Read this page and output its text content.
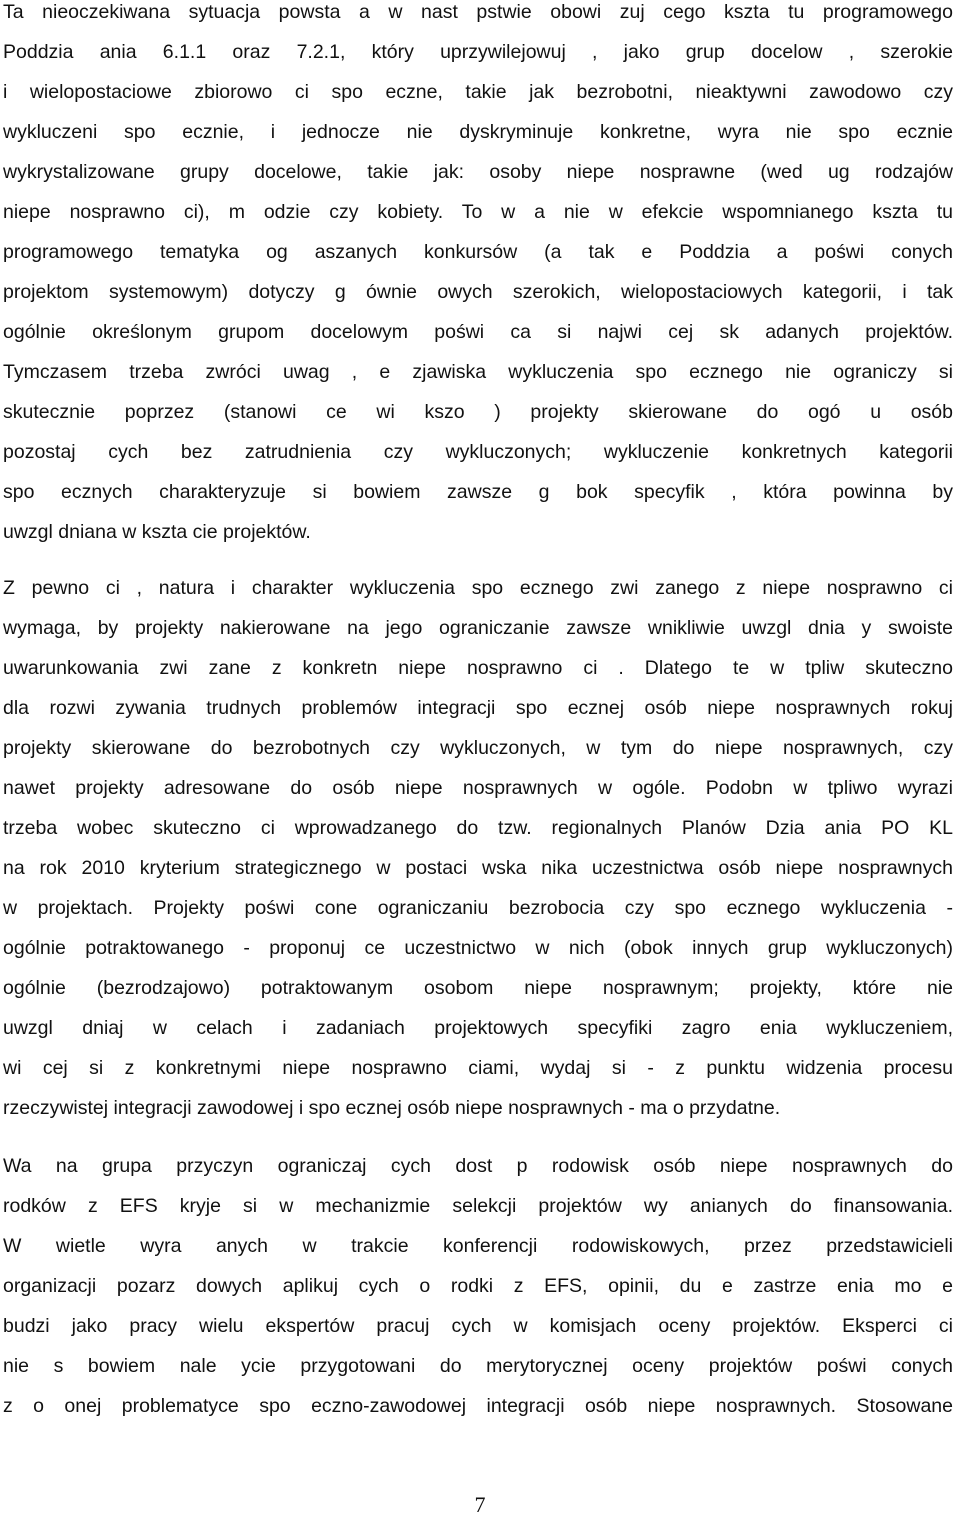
Ta nieoczekiwana sytuacja powsta a w nast pstwie obowi zuj cego kszta tu programowego
Poddzia ania 6.1.1 oraz 7.2.1, który uprzywilejowuj , jako grup docelow , szerokie
i wielopostaciowe zbiorowo ci spo eczne, takie jak bezrobotni, nieaktywni zawodowo czy
wykluczeni spo ecznie, i jednocze nie dyskryminuje konkretne, wyra nie spo ecznie
wykrystalizowane grupy docelowe, takie jak: osoby niepe nosprawne (wed ug rodzajów
niepe nosprawno ci), m odzie czy kobiety. To w a nie w efekcie wspomnianego kszta tu
programowego tematyka og aszanych konkursów (a tak e Poddzia a poświ conych
projektom systemowym) dotyczy g ównie owych szerokich, wielopostaciowych kategorii, i tak
ogólnie określonym grupom docelowym poświ ca si najwi cej sk adanych projektów.
Tymczasem trzeba zwróci uwag , e zjawiska wykluczenia spo ecznego nie ograniczy si
skutecznie poprzez (stanowi ce wi kszo ) projekty skierowane do ogó u osób
pozostaj cych bez zatrudnienia czy wykluczonych; wykluczenie konkretnych kategorii
spo ecznych charakteryzuje si bowiem zawsze g bok specyfik , która powinna by
uwzgl dniana w kszta cie projektów.
Z pewno ci , natura i charakter wykluczenia spo ecznego zwi zanego z niepe nosprawno ci
wymaga, by projekty nakierowane na jego ograniczanie zawsze wnikliwie uwzgl dnia y swoiste
uwarunkowania zwi zane z konkretn niepe nosprawno ci . Dlatego te w tpliw skuteczno
dla rozwi zywania trudnych problemów integracji spo ecznej osób niepe nosprawnych rokuj
projekty skierowane do bezrobotnych czy wykluczonych, w tym do niepe nosprawnych, czy
nawet projekty adresowane do osób niepe nosprawnych w ogóle. Podobn w tpliwo wyrazi
trzeba wobec skuteczno ci wprowadzanego do tzw. regionalnych Planów Dzia ania PO KL
na rok 2010 kryterium strategicznego w postaci wska nika uczestnictwa osób niepe nosprawnych
w projektach. Projekty poświ cone ograniczaniu bezrobocia czy spo ecznego wykluczenia -
ogólnie potraktowanego - proponuj ce uczestnictwo w nich (obok innych grup wykluczonych)
ogólnie (bezrodzajowo) potraktowanym osobom niepe nosprawnym; projekty, które nie
uwzgl dniaj w celach i zadaniach projektowych specyfiki zagro enia wykluczeniem,
wi cej si z konkretnymi niepe nosprawno ciami, wydaj si - z punktu widzenia procesu
rzeczywistej integracji zawodowej i spo ecznej osób niepe nosprawnych - ma o przydatne.
Wa na grupa przyczyn ograniczaj cych dost p rodowisk osób niepe nosprawnych do
rodków z EFS kryje si w mechanizmie selekcji projektów wy anianych do finansowania.
W wietle wyra anych w trakcie konferencji rodowiskowych, przez przedstawicieli
organizacji pozarz dowych aplikuj cych o rodki z EFS, opinii, du e zastrze enia mo e
budzi jako pracy wielu ekspertów pracuj cych w komisjach oceny projektów. Eksperci ci
nie s bowiem nale ycie przygotowani do merytorycznej oceny projektów poświ conych
z o onej problematyce spo eczno-zawodowej integracji osób niepe nosprawnych. Stosowane
7
